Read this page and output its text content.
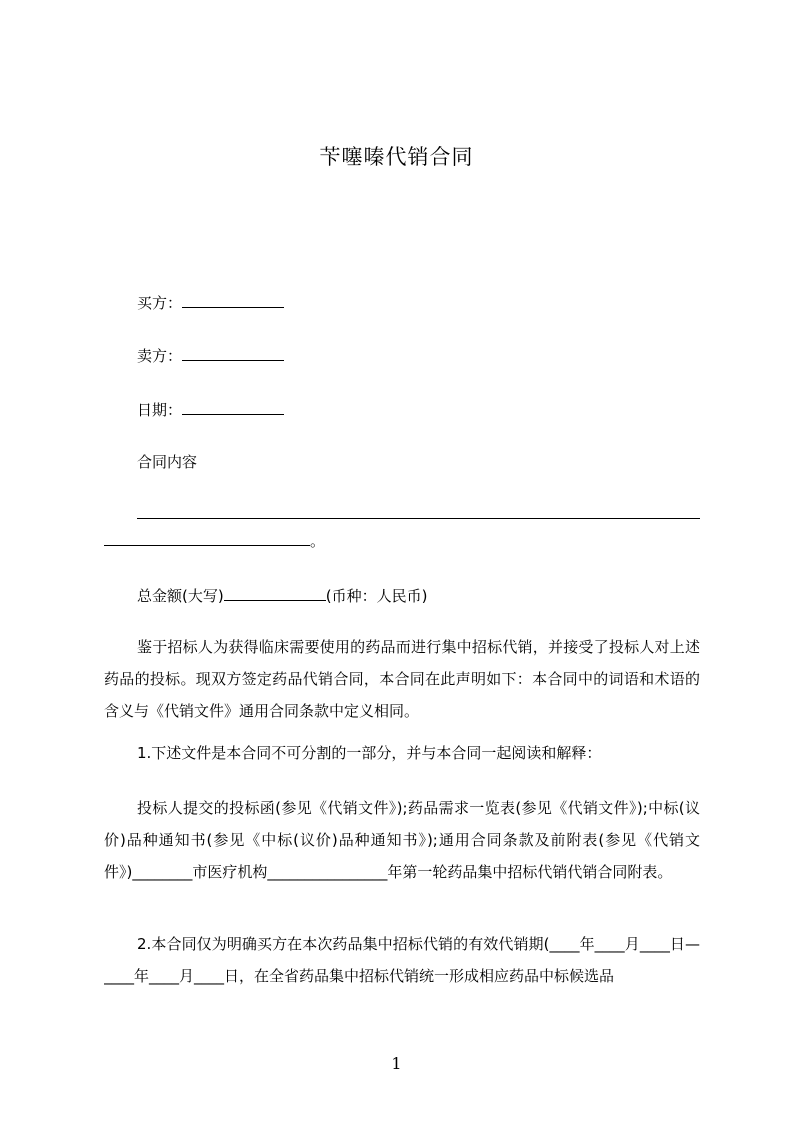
苄噻嗪代销合同
买方：
卖方：
日期：
合同内容
。
总金额(大写)	(币种：人民币)
鉴于招标人为获得临床需要使用的药品而进行集中招标代销，并接受了投标人对上述药品的投标。现双方签定药品代销合同，本合同在此声明如下：本合同中的词语和术语的含义与《代销文件》通用合同条款中定义相同。
1.下述文件是本合同不可分割的一部分，并与本合同一起阅读和解释：
投标人提交的投标函(参见《代销文件》);药品需求一览表(参见《代销文件》);中标(议价)品种通知书(参见《中标(议价)品种通知书》);通用合同条款及前附表(参见《代销文件》)________市医疗机构________________年第一轮药品集中招标代销代销合同附表。
2.本合同仅为明确买方在本次药品集中招标代销的有效代销期(____年____月____日—____年____月____日，在全省药品集中招标代销统一形成相应药品中标候选品
1
